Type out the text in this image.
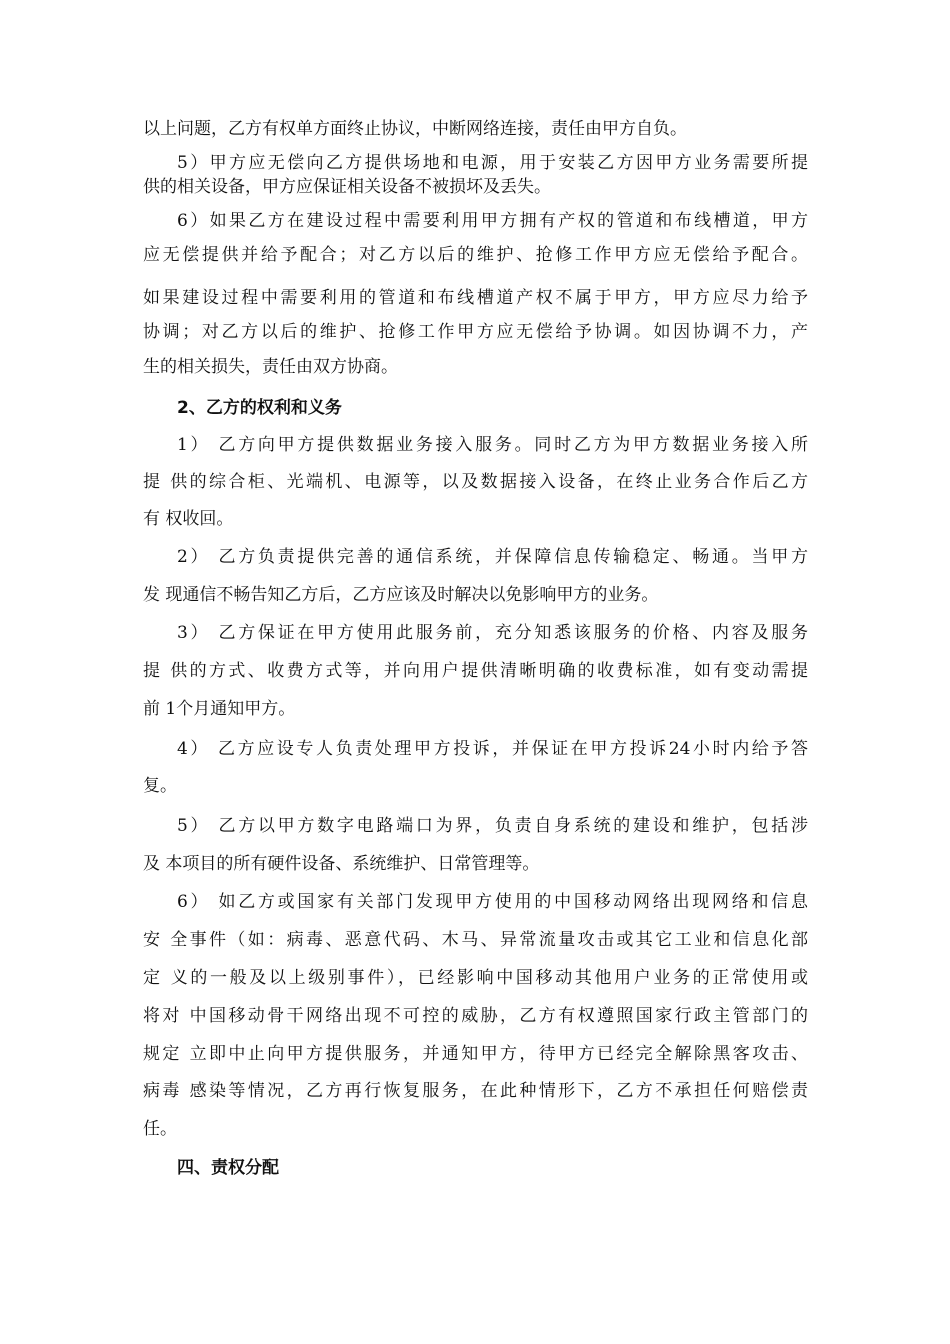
以上问题，乙方有权单方面终止协议，中断网络连接，责任由甲方自负。
5）甲方应无偿向乙方提供场地和电源，用于安装乙方因甲方业务需要所提
供的相关设备，甲方应保证相关设备不被损坏及丢失。
6）如果乙方在建设过程中需要利用甲方拥有产权的管道和布线槽道，甲方
应无偿提供并给予配合；对乙方以后的维护、抢修工作甲方应无偿给予配合。
如果建设过程中需要利用的管道和布线槽道产权不属于甲方，甲方应尽力给予
协调；对乙方以后的维护、抢修工作甲方应无偿给予协调。如因协调不力，产
生的相关损失，责任由双方协商。
2、乙方的权利和义务
1） 乙方向甲方提供数据业务接入服务。同时乙方为甲方数据业务接入所
提 供的综合柜、光端机、电源等，以及数据接入设备，在终止业务合作后乙方
有 权收回。
2） 乙方负责提供完善的通信系统，并保障信息传输稳定、畅通。当甲方
发 现通信不畅告知乙方后，乙方应该及时解决以免影响甲方的业务。
3） 乙方保证在甲方使用此服务前，充分知悉该服务的价格、内容及服务
提 供的方式、收费方式等，并向用户提供清晰明确的收费标准，如有变动需提
前 1个月通知甲方。
4） 乙方应设专人负责处理甲方投诉，并保证在甲方投诉24小时内给予答
复。
5） 乙方以甲方数字电路端口为界，负责自身系统的建设和维护，包括涉
及 本项目的所有硬件设备、系统维护、日常管理等。
6） 如乙方或国家有关部门发现甲方使用的中国移动网络出现网络和信息
安 全事件（如：病毒、恶意代码、木马、异常流量攻击或其它工业和信息化部
定 义的一般及以上级别事件），已经影响中国移动其他用户业务的正常使用或
将对 中国移动骨干网络出现不可控的威胁，乙方有权遵照国家行政主管部门的
规定 立即中止向甲方提供服务，并通知甲方，待甲方已经完全解除黑客攻击、
病毒 感染等情况，乙方再行恢复服务，在此种情形下，乙方不承担任何赔偿责
任。
四、责权分配
